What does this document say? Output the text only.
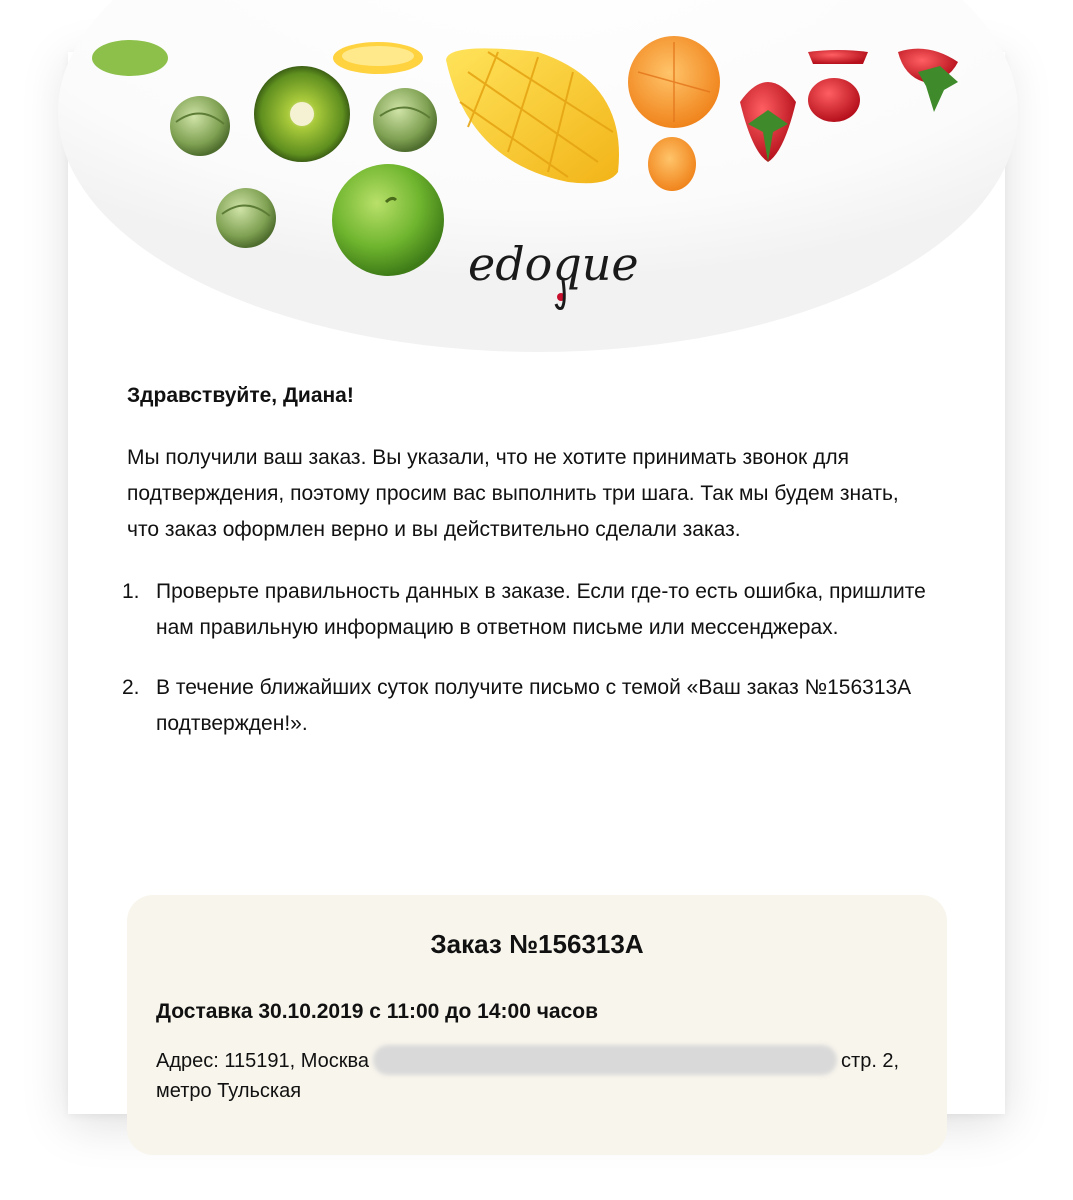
edoque

Здравствуйте, Диана!

Мы получили ваш заказ. Вы указали, что не хотите принимать звонок для подтверждения, поэтому просим вас выполнить три шага. Так мы будем знать, что заказ оформлен верно и вы действительно сделали заказ.

1. Проверьте правильность данных в заказе. Если где-то есть ошибка, пришлите нам правильную информацию в ответном письме или мессенджерах.
2. В течение ближайших суток получите письмо с темой «Ваш заказ №156313А подтвержден!».
Заказ №156313А
Доставка 30.10.2019 с 11:00 до 14:00 часов
Адрес: 115191, Москва	стр. 2, метро Тульская
